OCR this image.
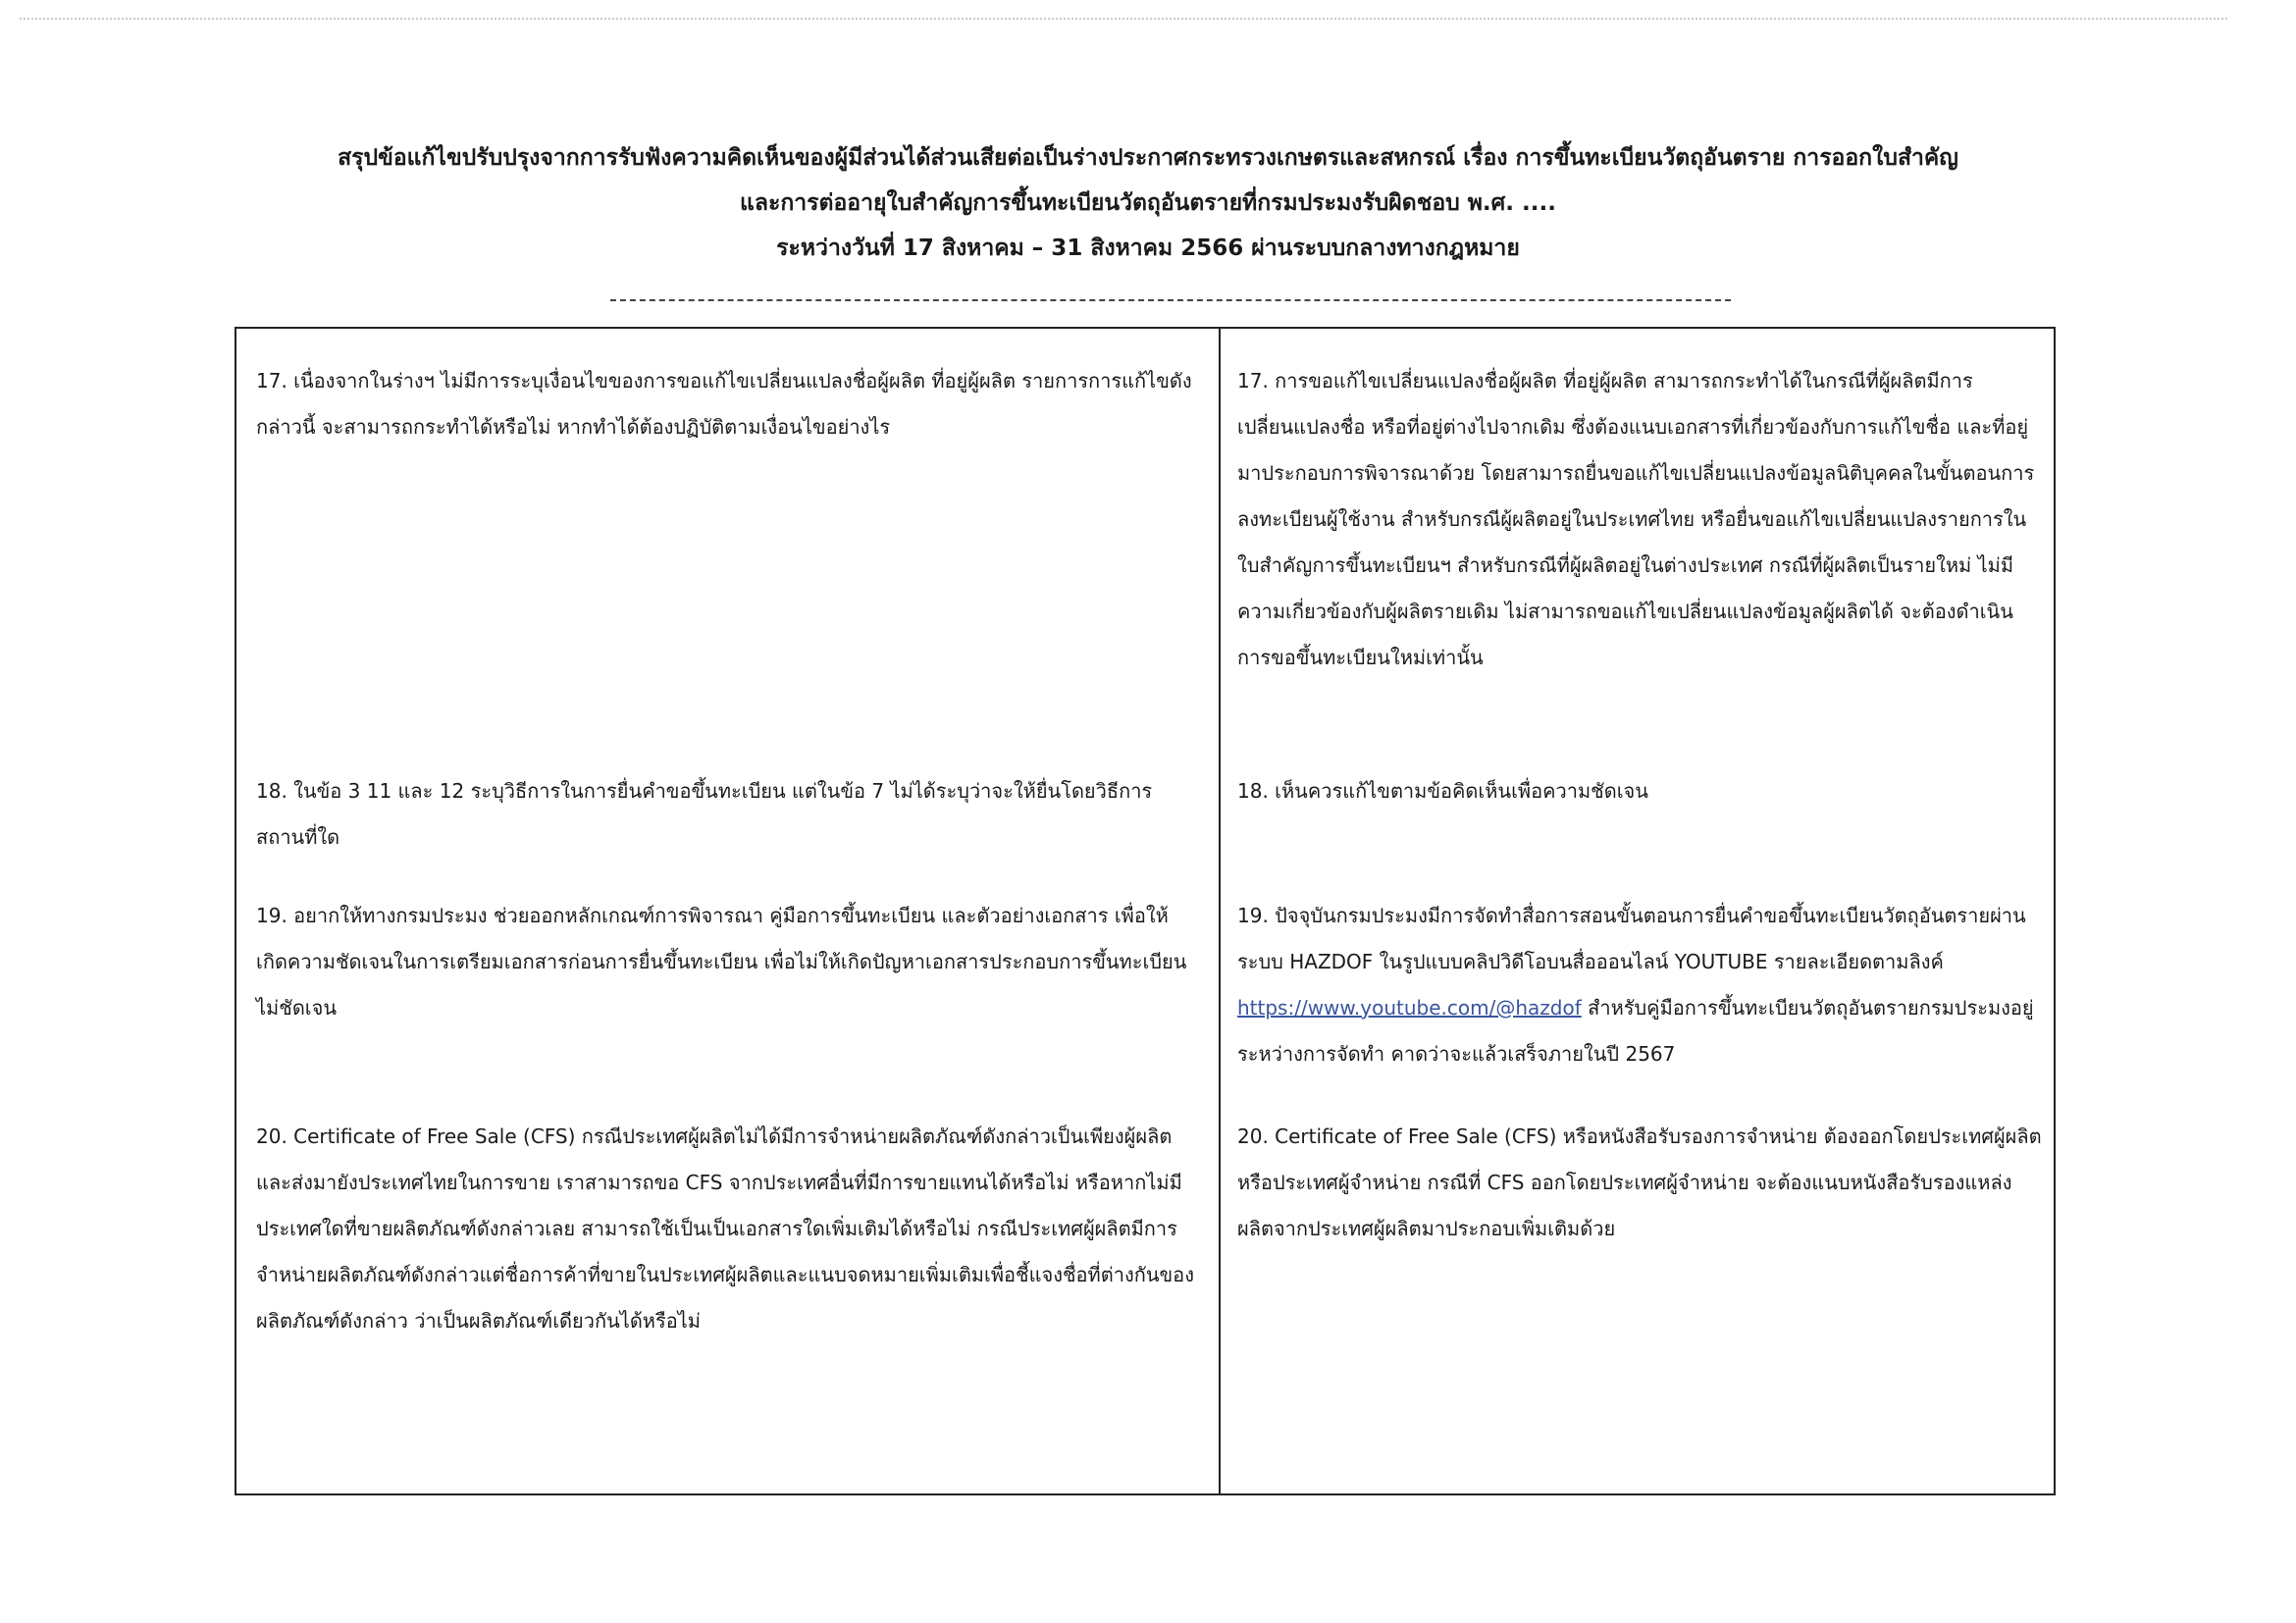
สรุปข้อแก้ไขปรับปรุงจากการรับฟังความคิดเห็นของผู้มีส่วนได้ส่วนเสียต่อเป็นร่างประกาศกระทรวงเกษตรและสหกรณ์ เรื่อง การขึ้นทะเบียนวัตถุอันตราย การออกใบสำคัญ
และการต่ออายุใบสำคัญการขึ้นทะเบียนวัตถุอันตรายที่กรมประมงรับผิดชอบ พ.ศ. ....
ระหว่างวันที่ 17 สิงหาคม – 31 สิงหาคม 2566 ผ่านระบบกลางทางกฎหมาย
17. เนื่องจากในร่างฯ ไม่มีการระบุเงื่อนไขของการขอแก้ไขเปลี่ยนแปลงชื่อผู้ผลิต ที่อยู่ผู้ผลิต รายการการแก้ไขดังกล่าวนี้ จะสามารถกระทำได้หรือไม่ หากทำได้ต้องปฏิบัติตามเงื่อนไขอย่างไร
17. การขอแก้ไขเปลี่ยนแปลงชื่อผู้ผลิต ที่อยู่ผู้ผลิต สามารถกระทำได้ในกรณีที่ผู้ผลิตมีการเปลี่ยนแปลงชื่อ หรือที่อยู่ต่างไปจากเดิม ซึ่งต้องแนบเอกสารที่เกี่ยวข้องกับการแก้ไขชื่อ และที่อยู่มาประกอบการพิจารณาด้วย โดยสามารถยื่นขอแก้ไขเปลี่ยนแปลงข้อมูลนิติบุคคลในขั้นตอนการลงทะเบียนผู้ใช้งาน สำหรับกรณีผู้ผลิตอยู่ในประเทศไทย หรือยื่นขอแก้ไขเปลี่ยนแปลงรายการในใบสำคัญการขึ้นทะเบียนฯ สำหรับกรณีที่ผู้ผลิตอยู่ในต่างประเทศ กรณีที่ผู้ผลิตเป็นรายใหม่ ไม่มีความเกี่ยวข้องกับผู้ผลิตรายเดิม ไม่สามารถขอแก้ไขเปลี่ยนแปลงข้อมูลผู้ผลิตได้ จะต้องดำเนินการขอขึ้นทะเบียนใหม่เท่านั้น
18. ในข้อ 3 11 และ 12 ระบุวิธีการในการยื่นคำขอขึ้นทะเบียน แต่ในข้อ 7 ไม่ได้ระบุว่าจะให้ยื่นโดยวิธีการ สถานที่ใด
18. เห็นควรแก้ไขตามข้อคิดเห็นเพื่อความชัดเจน
19. อยากให้ทางกรมประมง ช่วยออกหลักเกณฑ์การพิจารณา คู่มือการขึ้นทะเบียน และตัวอย่างเอกสาร เพื่อให้เกิดความชัดเจนในการเตรียมเอกสารก่อนการยื่นขึ้นทะเบียน เพื่อไม่ให้เกิดปัญหาเอกสารประกอบการขึ้นทะเบียนไม่ชัดเจน
19. ปัจจุบันกรมประมงมีการจัดทำสื่อการสอนขั้นตอนการยื่นคำขอขึ้นทะเบียนวัตถุอันตรายผ่านระบบ HAZDOF ในรูปแบบคลิปวิดีโอบนสื่อออนไลน์ YOUTUBE รายละเอียดตามลิงค์ https://www.youtube.com/@hazdof สำหรับคู่มือการขึ้นทะเบียนวัตถุอันตรายกรมประมงอยู่ระหว่างการจัดทำ คาดว่าจะแล้วเสร็จภายในปี 2567
20. Certificate of Free Sale (CFS) กรณีประเทศผู้ผลิตไม่ได้มีการจำหน่ายผลิตภัณฑ์ดังกล่าวเป็นเพียงผู้ผลิตและส่งมายังประเทศไทยในการขาย เราสามารถขอ CFS จากประเทศอื่นที่มีการขายแทนได้หรือไม่ หรือหากไม่มีประเทศใดที่ขายผลิตภัณฑ์ดังกล่าวเลย สามารถใช้เป็นเป็นเอกสารใดเพิ่มเติมได้หรือไม่ กรณีประเทศผู้ผลิตมีการจำหน่ายผลิตภัณฑ์ดังกล่าวแต่ชื่อการค้าที่ขายในประเทศผู้ผลิตและแนบจดหมายเพิ่มเติมเพื่อชี้แจงชื่อที่ต่างกันของผลิตภัณฑ์ดังกล่าว ว่าเป็นผลิตภัณฑ์เดียวกันได้หรือไม่
20. Certificate of Free Sale (CFS) หรือหนังสือรับรองการจำหน่าย ต้องออกโดยประเทศผู้ผลิตหรือประเทศผู้จำหน่าย กรณีที่ CFS ออกโดยประเทศผู้จำหน่าย จะต้องแนบหนังสือรับรองแหล่งผลิตจากประเทศผู้ผลิตมาประกอบเพิ่มเติมด้วย
